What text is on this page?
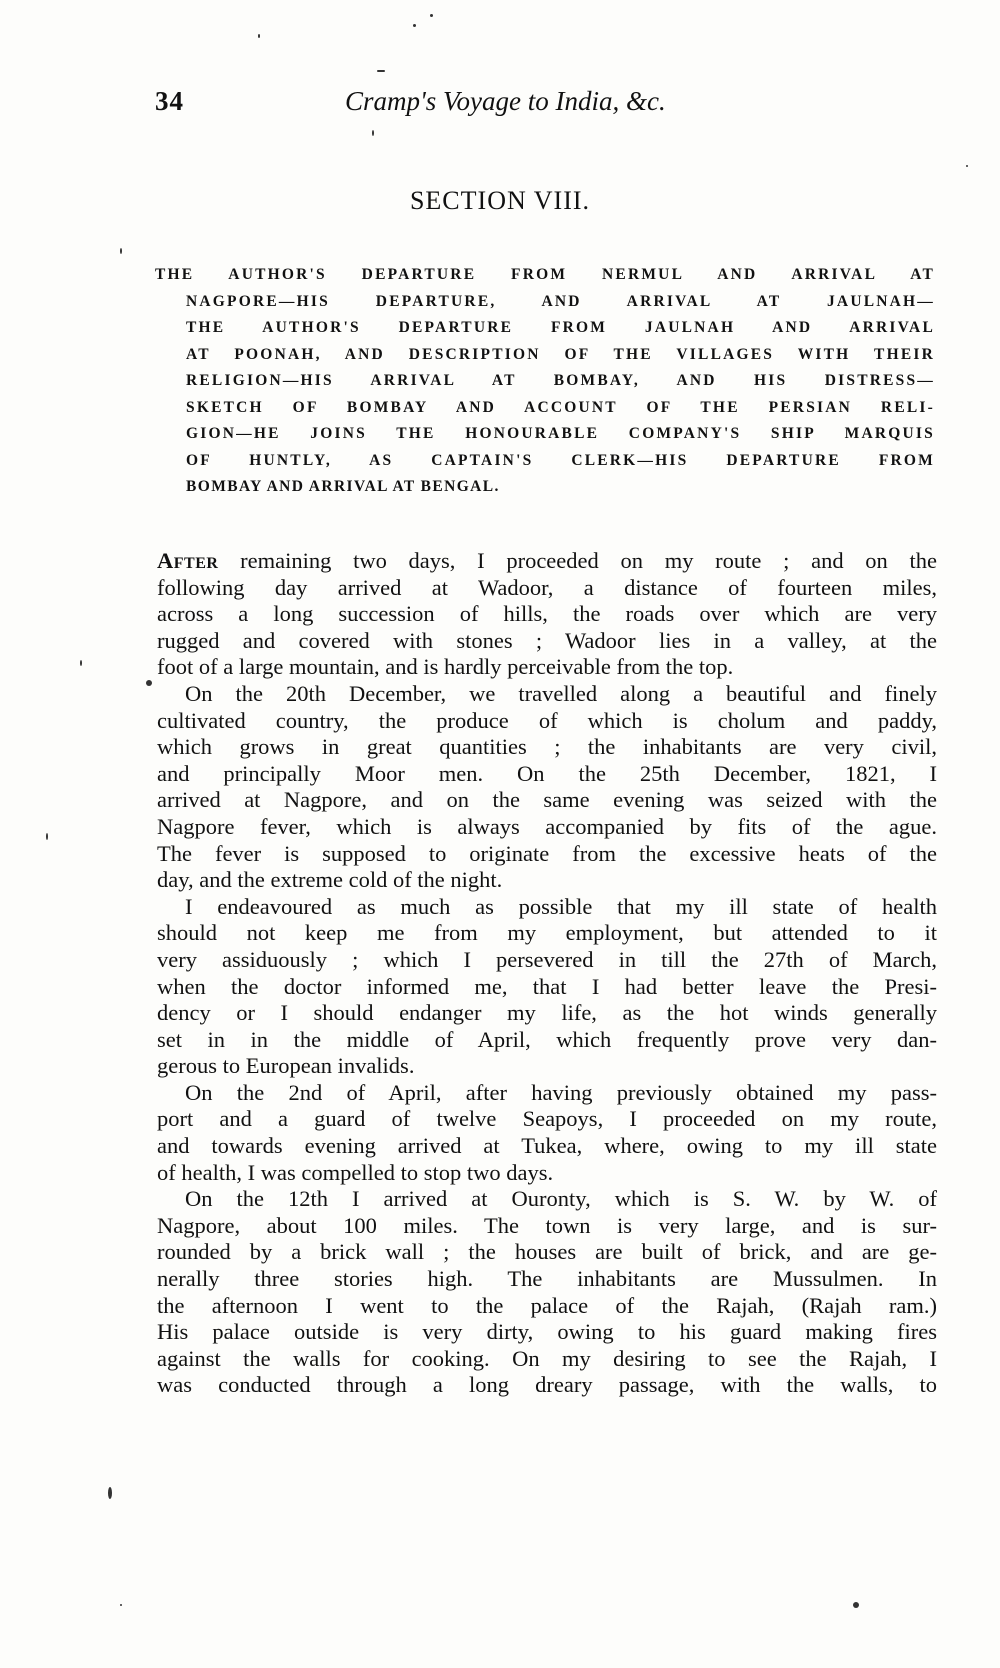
34	Cramp's Voyage to India, &c.
SECTION VIII.
THE AUTHOR'S DEPARTURE FROM NERMUL AND ARRIVAL AT
NAGPORE—HIS DEPARTURE, AND ARRIVAL AT JAULNAH—
THE AUTHOR'S DEPARTURE FROM JAULNAH AND ARRIVAL
AT POONAH, AND DESCRIPTION OF THE VILLAGES WITH THEIR
RELIGION—HIS ARRIVAL AT BOMBAY, AND HIS DISTRESS—
SKETCH OF BOMBAY AND ACCOUNT OF THE PERSIAN RELI-
GION—HE JOINS THE HONOURABLE COMPANY'S SHIP MARQUIS
OF HUNTLY, AS CAPTAIN'S CLERK—HIS DEPARTURE FROM
BOMBAY AND ARRIVAL AT BENGAL.
After remaining two days, I proceeded on my route ; and on the
following day arrived at Wadoor, a distance of fourteen miles,
across a long succession of hills, the roads over which are very
rugged and covered with stones ; Wadoor lies in a valley, at the
foot of a large mountain, and is hardly perceivable from the top.
On the 20th December, we travelled along a beautiful and finely
cultivated country, the produce of which is cholum and paddy,
which grows in great quantities ; the inhabitants are very civil,
and principally Moor men. On the 25th December, 1821, I
arrived at Nagpore, and on the same evening was seized with the
Nagpore fever, which is always accompanied by fits of the ague.
The fever is supposed to originate from the excessive heats of the
day, and the extreme cold of the night.
I endeavoured as much as possible that my ill state of health
should not keep me from my employment, but attended to it
very assiduously ; which I persevered in till the 27th of March,
when the doctor informed me, that I had better leave the Presi-
dency or I should endanger my life, as the hot winds generally
set in in the middle of April, which frequently prove very dan-
gerous to European invalids.
On the 2nd of April, after having previously obtained my pass-
port and a guard of twelve Seapoys, I proceeded on my route,
and towards evening arrived at Tukea, where, owing to my ill state
of health, I was compelled to stop two days.
On the 12th I arrived at Ouronty, which is S. W. by W. of
Nagpore, about 100 miles. The town is very large, and is sur-
rounded by a brick wall ; the houses are built of brick, and are ge-
nerally three stories high. The inhabitants are Mussulmen. In
the afternoon I went to the palace of the Rajah, (Rajah ram.)
His palace outside is very dirty, owing to his guard making fires
against the walls for cooking. On my desiring to see the Rajah, I
was conducted through a long dreary passage, with the walls, to
